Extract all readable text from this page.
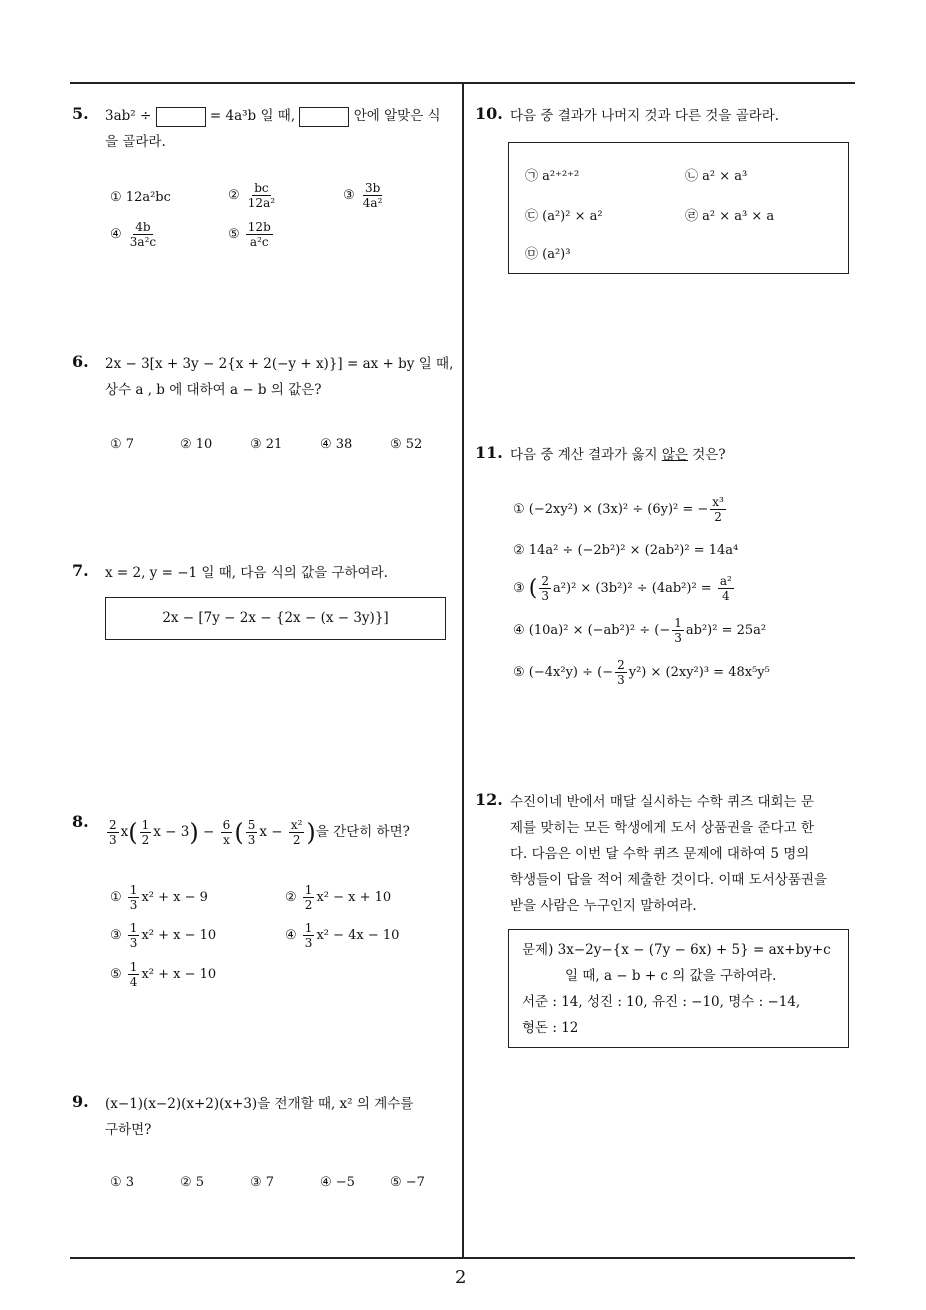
2
5. 3ab² ÷	= 4a³b 일 때,	안에 알맞은 식
을 골라라.
① 12a²bc	② $\frac{bc}{\text{12a²}}$	③ $\frac{3b}{\text{4a²}}$
④ $\frac{4b}{\text{3a²c}}$	⑤ $\frac{12b}{\text{a²c}}$
6. 2x − 3[x + 3y − 2{x + 2(−y + x)}] = ax + by 일 때,
상수 a , b 에 대하여 a − b 의 값은?
① 7	② 10	③ 21	④ 38	⑤ 52
7. x = 2, y = −1 일 때, 다음 식의 값을 구하여라.
2x − [7y − 2x − {2x − (x − 3y)}]
8. $\frac{2}{3} x( \frac{1}{2}$ $x - 3) - \frac{6}{x}$ ( $\frac{5}{3}$ $x - \frac{\text{x²}}{2}$ )을 간단히 하면?
① $\frac{1}{3} x^2 + x - 9$	② $\frac{1}{2} x^2 - x + 10$
③ $\frac{1}{3} x^2 + x - 10$	④ $\frac{1}{3} x^2 - 4x - 10$
⑤ $\frac{1}{4} x^2 + x - 10$
9. (x−1)(x−2)(x+2)(x+3)을 전개할 때, x² 의 계수를
구하면?
① 3	② 5	③ 7	④ −5	⑤ −7
10. 다음 중 결과가 나머지 것과 다른 것을 골라라.
㉠ a²⁺²⁺²	㉡ a² × a³
㉢ (a²)² × a²	㉣ a² × a³ × a
㉤ (a²)³
11. 다음 중 계산 결과가 옳지 않은 것은?
① (−2xy²) × (3x)² ÷ (6y)² = − $\frac{\text{x³}}{2}$
② 14a² ÷ (−2b²)² × (2ab²)² = 14a⁴
③ ( $\frac{2}{3} a^2)^2 \times (3b^2)^2 \div (4ab^2)^2 = \frac{\text{a²}}{4}$
④ (10a)² × (−ab²)² ÷ (− $\frac{1}{3} ab^2)^2 = 25a^2$
⑤ (−4x²y) ÷ (− $\frac{2}{3} y^2) \times (2xy^2)^3 = 48x^5y^5$
12. 수진이네 반에서 매달 실시하는 수학 퀴즈 대회는 문
제를 맞히는 모든 학생에게 도서 상품권을 준다고 한
다. 다음은 이번 달 수학 퀴즈 문제에 대하여 5 명의
학생들이 답을 적어 제출한 것이다. 이때 도서상품권을
받을 사람은 누구인지 말하여라.
문제) 3x−2y−{x − (7y − 6x) + 5} = ax+by+c
일 때, a − b + c 의 값을 구하여라.
서준 : 14, 성진 : 10, 유진 : −10, 명수 : −14,
형돈 : 12
